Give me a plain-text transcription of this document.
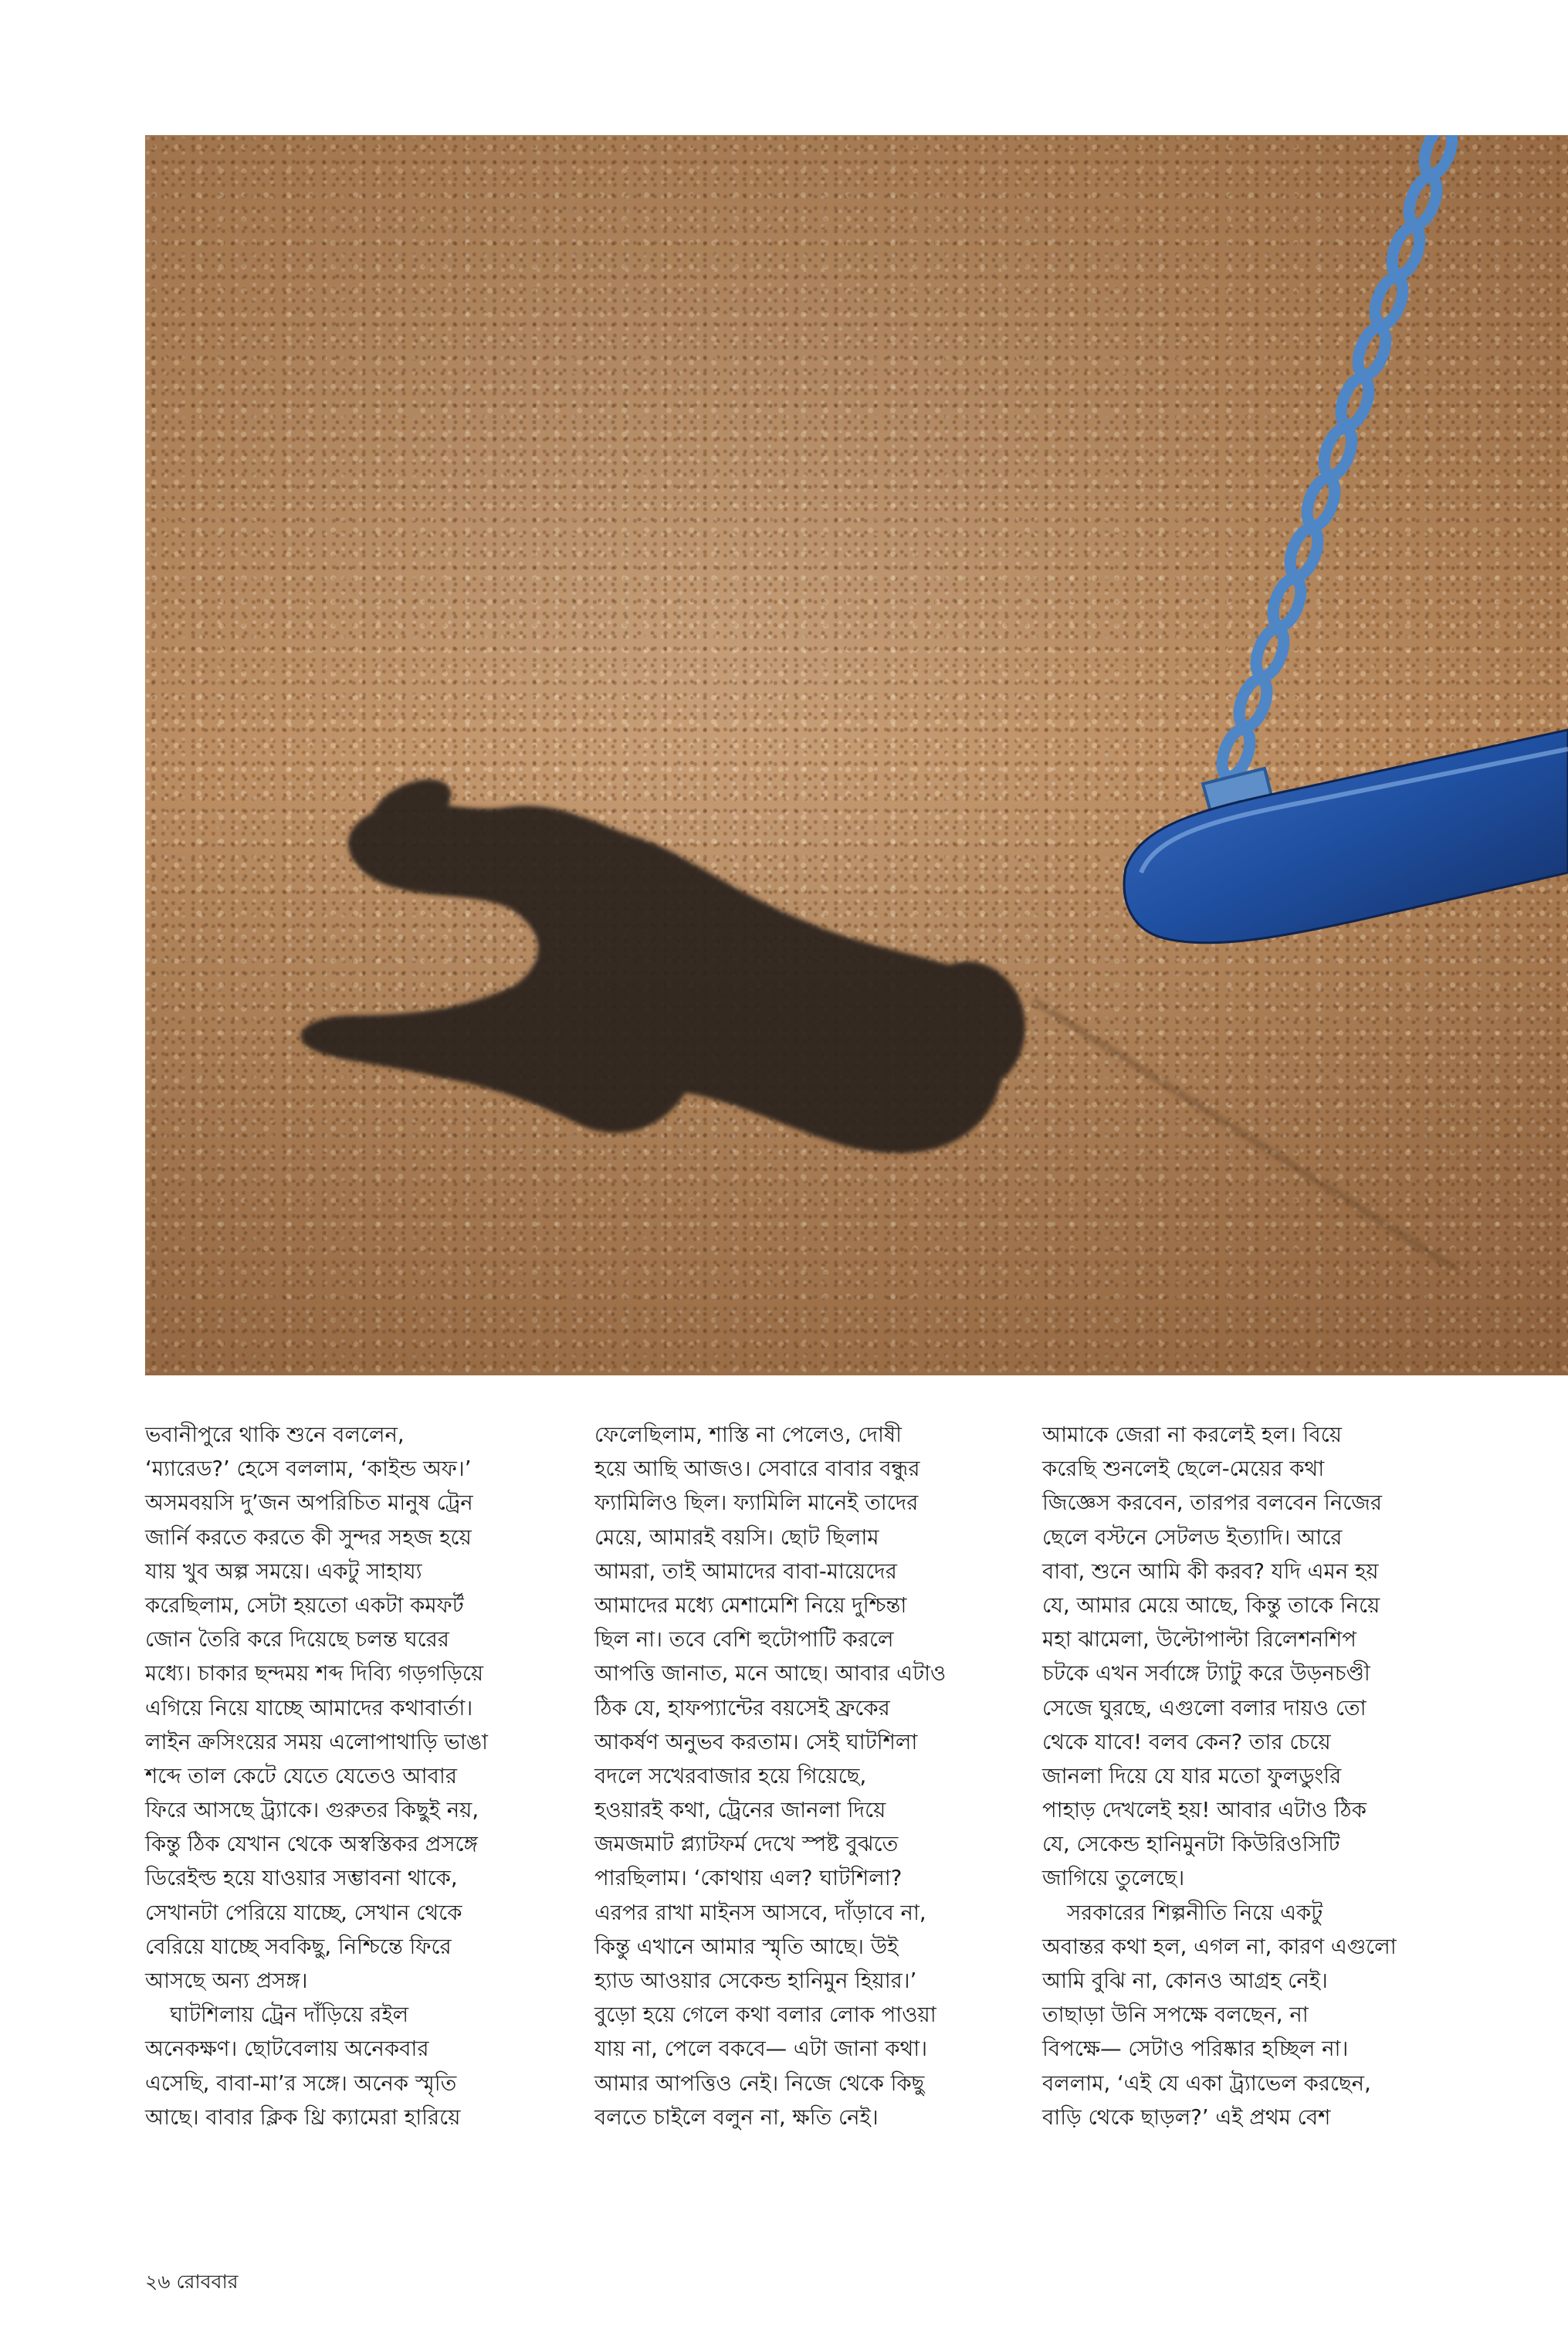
ভবানীপুরে থাকি শুনে বললেন,
‘ম্যারেড?’ হেসে বললাম, ‘কাইন্ড অফ।’
অসমবয়সি দু’জন অপরিচিত মানুষ ট্রেন
জার্নি করতে করতে কী সুন্দর সহজ হয়ে
যায় খুব অল্প সময়ে। একটু সাহায্য
করেছিলাম, সেটা হয়তো একটা কমফর্ট
জোন তৈরি করে দিয়েছে চলন্ত ঘরের
মধ্যে। চাকার ছন্দময় শব্দ দিব্যি গড়গড়িয়ে
এগিয়ে নিয়ে যাচ্ছে আমাদের কথাবার্তা।
লাইন ক্রসিংয়ের সময় এলোপাথাড়ি ভাঙা
শব্দে তাল কেটে যেতে যেতেও আবার
ফিরে আসছে ট্র্যাকে। গুরুতর কিছুই নয়,
কিন্তু ঠিক যেখান থেকে অস্বস্তিকর প্রসঙ্গে
ডিরেইল্ড হয়ে যাওয়ার সম্ভাবনা থাকে,
সেখানটা পেরিয়ে যাচ্ছে, সেখান থেকে
বেরিয়ে যাচ্ছে সবকিছু, নিশ্চিন্তে ফিরে
আসছে অন্য প্রসঙ্গ।
ঘাটশিলায় ট্রেন দাঁড়িয়ে রইল
অনেকক্ষণ। ছোটবেলায় অনেকবার
এসেছি, বাবা-মা’র সঙ্গে। অনেক স্মৃতি
আছে। বাবার ক্লিক থ্রি ক্যামেরা হারিয়ে
ফেলেছিলাম, শাস্তি না পেলেও, দোষী
হয়ে আছি আজও। সেবারে বাবার বন্ধুর
ফ্যামিলিও ছিল। ফ্যামিলি মানেই তাদের
মেয়ে, আমারই বয়সি। ছোট ছিলাম
আমরা, তাই আমাদের বাবা-মায়েদের
আমাদের মধ্যে মেশামেশি নিয়ে দুশ্চিন্তা
ছিল না। তবে বেশি হুটোপাটি করলে
আপত্তি জানাত, মনে আছে। আবার এটাও
ঠিক যে, হাফপ্যান্টের বয়সেই ফ্রকের
আকর্ষণ অনুভব করতাম। সেই ঘাটশিলা
বদলে সখেরবাজার হয়ে গিয়েছে,
হওয়ারই কথা, ট্রেনের জানলা দিয়ে
জমজমাট প্ল্যাটফর্ম দেখে স্পষ্ট বুঝতে
পারছিলাম। ‘কোথায় এল? ঘাটশিলা?
এরপর রাখা মাইনস আসবে, দাঁড়াবে না,
কিন্তু এখানে আমার স্মৃতি আছে। উই
হ্যাড আওয়ার সেকেন্ড হানিমুন হিয়ার।’
বুড়ো হয়ে গেলে কথা বলার লোক পাওয়া
যায় না, পেলে বকবে— এটা জানা কথা।
আমার আপত্তিও নেই। নিজে থেকে কিছু
বলতে চাইলে বলুন না, ক্ষতি নেই।
আমাকে জেরা না করলেই হল। বিয়ে
করেছি শুনলেই ছেলে-মেয়ের কথা
জিজ্ঞেস করবেন, তারপর বলবেন নিজের
ছেলে বস্টনে সেটলড ইত্যাদি। আরে
বাবা, শুনে আমি কী করব? যদি এমন হয়
যে, আমার মেয়ে আছে, কিন্তু তাকে নিয়ে
মহা ঝামেলা, উল্টোপাল্টা রিলেশনশিপ
চটকে এখন সর্বাঙ্গে ট্যাটু করে উড়নচণ্ডী
সেজে ঘুরছে, এগুলো বলার দায়ও তো
থেকে যাবে! বলব কেন? তার চেয়ে
জানলা দিয়ে যে যার মতো ফুলডুংরি
পাহাড় দেখলেই হয়! আবার এটাও ঠিক
যে, সেকেন্ড হানিমুনটা কিউরিওসিটি
জাগিয়ে তুলেছে।
সরকারের শিল্পনীতি নিয়ে একটু
অবান্তর কথা হল, এগল না, কারণ এগুলো
আমি বুঝি না, কোনও আগ্রহ নেই।
তাছাড়া উনি সপক্ষে বলছেন, না
বিপক্ষে— সেটাও পরিষ্কার হচ্ছিল না।
বললাম, ‘এই যে একা ট্র্যাভেল করছেন,
বাড়ি থেকে ছাড়ল?’ এই প্রথম বেশ
২৬ রোববার
